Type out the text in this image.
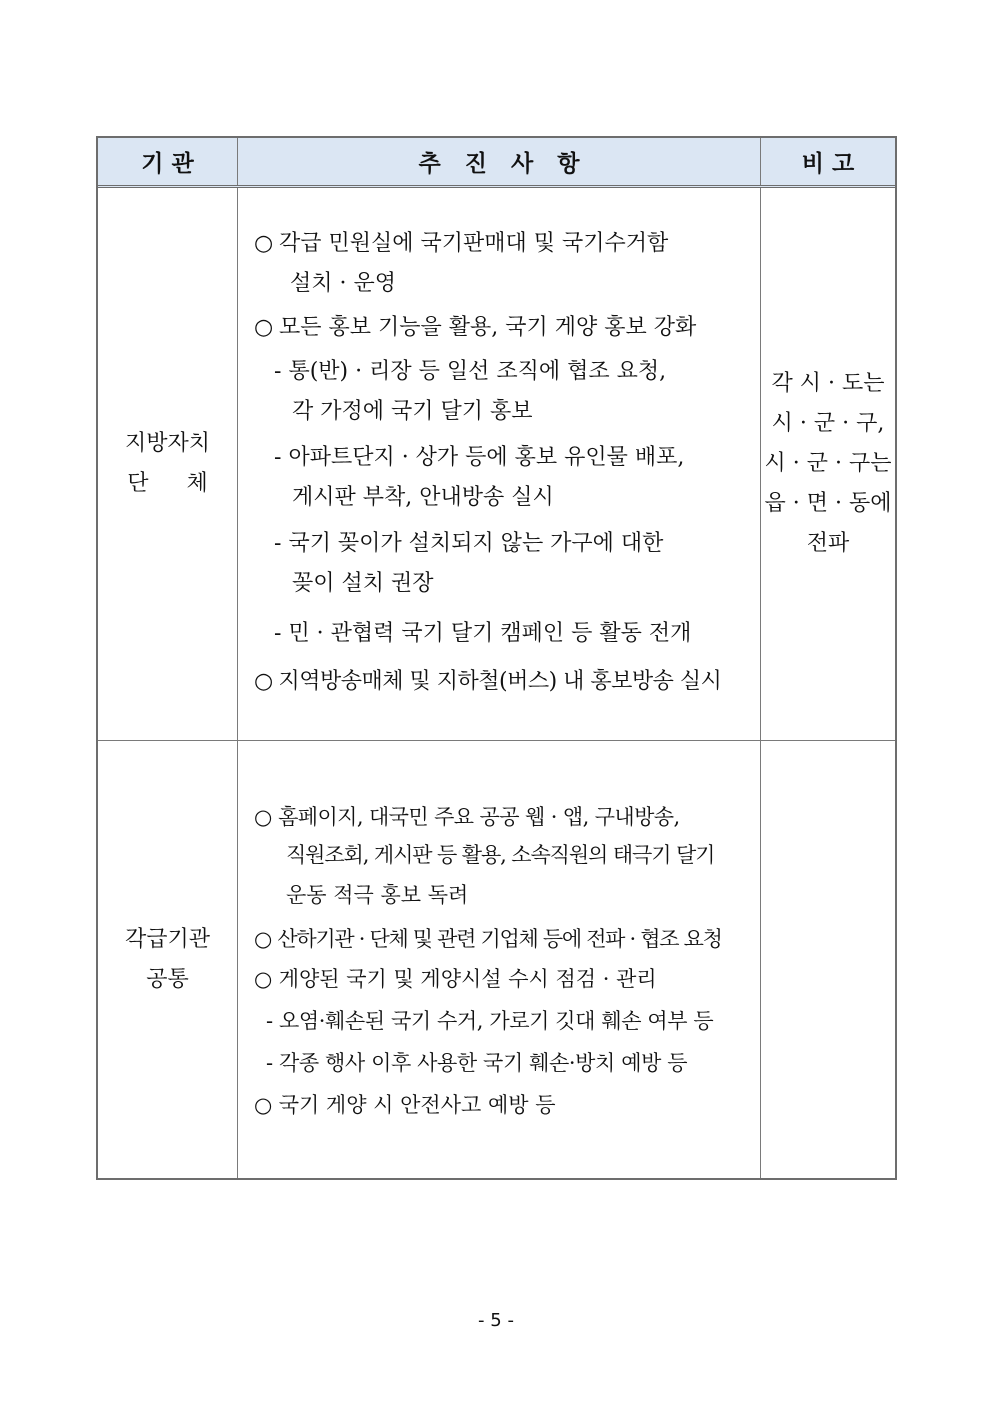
기 관	추   진   사   항	비 고
지방자치
단체
○ 각급 민원실에 국기판매대 및 국기수거함
설치 · 운영
○ 모든 홍보 기능을 활용, 국기 게양 홍보 강화
- 통(반) · 리장 등 일선 조직에 협조 요청,
각 가정에 국기 달기 홍보
- 아파트단지 · 상가 등에 홍보 유인물 배포,
게시판 부착, 안내방송 실시
- 국기 꽂이가 설치되지 않는 가구에 대한
꽂이 설치 권장
- 민 · 관협력 국기 달기 캠페인 등 활동 전개
○ 지역방송매체 및 지하철(버스) 내 홍보방송 실시
각 시 · 도는
시 · 군 · 구,
시 · 군 · 구는
읍 · 면 · 동에
전파
각급기관
공통
○ 홈페이지, 대국민 주요 공공 웹 · 앱, 구내방송,
직원조회, 게시판 등 활용, 소속직원의 태극기 달기
운동 적극 홍보 독려
○ 산하기관 · 단체 및 관련 기업체 등에 전파 · 협조 요청
○ 게양된 국기 및 게양시설 수시 점검 · 관리
- 오염·훼손된 국기 수거, 가로기 깃대 훼손 여부 등
- 각종 행사 이후 사용한 국기 훼손·방치 예방 등
○ 국기 게양 시 안전사고 예방 등
- 5 -
